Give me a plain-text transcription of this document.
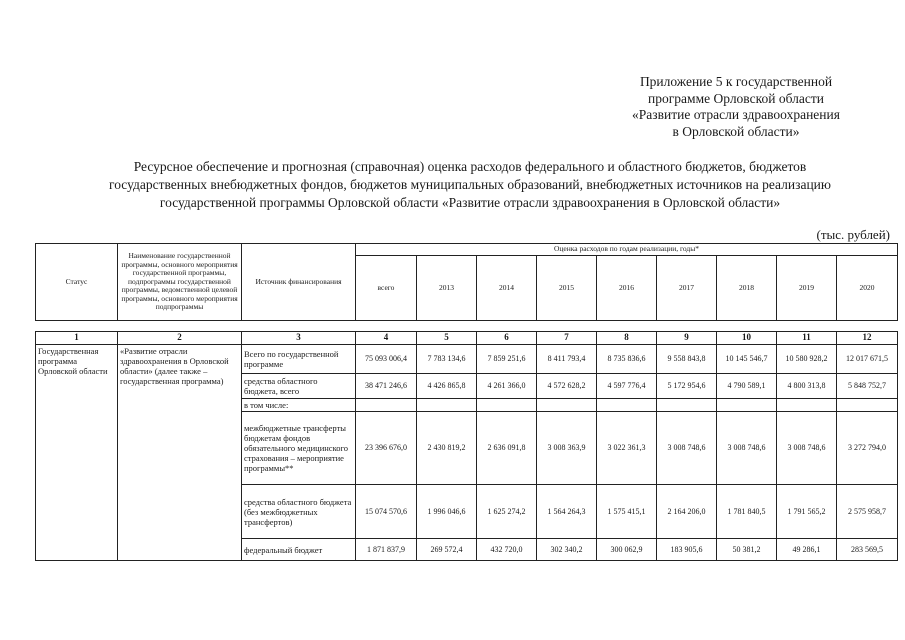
Приложение 5 к государственной
программе Орловской области
«Развитие отрасли здравоохранения
в Орловской области»
Ресурсное обеспечение и прогнозная (справочная) оценка расходов федерального и областного бюджетов, бюджетов
государственных внебюджетных фондов, бюджетов муниципальных образований, внебюджетных источников на реализацию
государственной программы Орловской области «Развитие отрасли здравоохранения в Орловской области»
(тыс. рублей)
Статус	Наименование государственной программы, основного мероприятия государственной программы, подпрограммы государственной программы, ведомственной целевой программы, основного мероприятия подпрограммы	Источник финансирования	Оценка расходов по годам реализации, годы*								
			всего	2013	2014	2015	2016	2017	2018	2019	2020
1	2	3	4	5	6	7	8	9	10	11	12
Государственная программа Орловской области	«Развитие отрасли здравоохранения в Орловской области» (далее также – государственная программа)	Всего по государственной программе	75 093 006,4	7 783 134,6	7 859 251,6	8 411 793,4	8 735 836,6	9 558 843,8	10 145 546,7	10 580 928,2	12 017 671,5
		средства областного бюджета, всего	38 471 246,6	4 426 865,8	4 261 366,0	4 572 628,2	4 597 776,4	5 172 954,6	4 790 589,1	4 800 313,8	5 848 752,7
		в том числе:									
		межбюджетные трансферты бюджетам фондов обязательного медицинского страхования – мероприятие программы**	23 396 676,0	2 430 819,2	2 636 091,8	3 008 363,9	3 022 361,3	3 008 748,6	3 008 748,6	3 008 748,6	3 272 794,0
		средства областного бюджета (без межбюджетных трансфертов)	15 074 570,6	1 996 046,6	1 625 274,2	1 564 264,3	1 575 415,1	2 164 206,0	1 781 840,5	1 791 565,2	2 575 958,7
		федеральный бюджет	1 871 837,9	269 572,4	432 720,0	302 340,2	300 062,9	183 905,6	50 381,2	49 286,1	283 569,5
